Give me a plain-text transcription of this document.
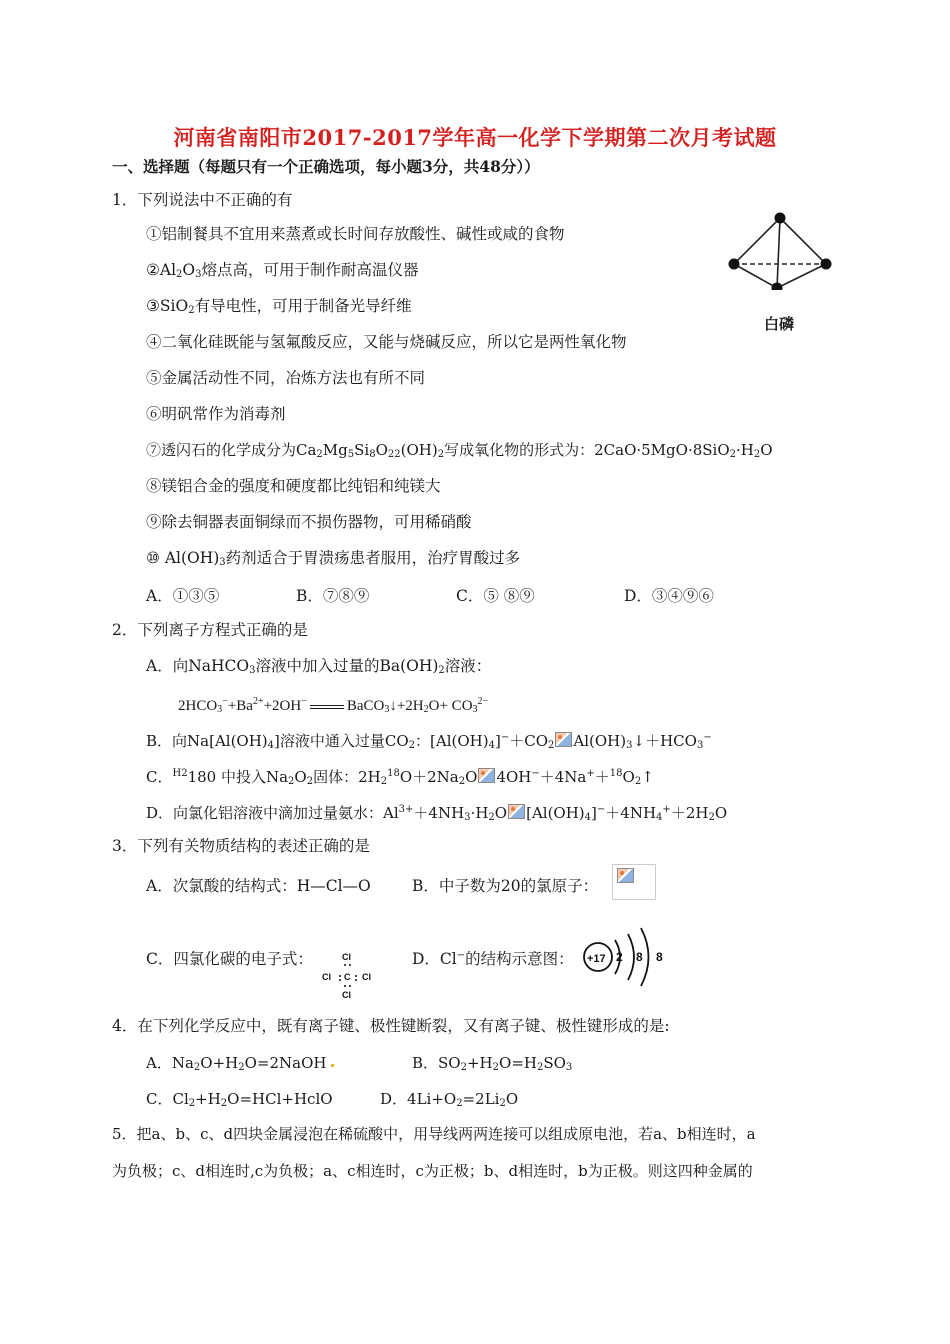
河南省南阳市2017-2017学年高一化学下学期第二次月考试题
一、选择题（每题只有一个正确选项，每小题3分，共48分））
1．下列说法中不正确的有
白磷
①铝制餐具不宜用来蒸煮或长时间存放酸性、碱性或咸的食物
$②Al_2O_3$熔点高，可用于制作耐高温仪器
③SiO$_2$有导电性，可用于制备光导纤维
④二氧化硅既能与氢氟酸反应，又能与烧碱反应，所以它是两性氧化物
⑤金属活动性不同，冶炼方法也有所不同
⑥明矾常作为消毒剂
⑦透闪石的化学成分为$Ca_2Mg_5Si_8O_{22}(OH)_2$写成氧化物的形式为：$2CaO\cdot 5MgO\cdot 8SiO_2\cdot H_2O$
⑧镁铝合金的强度和硬度都比纯铝和纯镁大
⑨除去铜器表面铜绿而不损伤器物，可用稀硝酸
⑩ $Al(OH)_3$药剂适合于胃溃疡患者服用，治疗胃酸过多
A．①③⑤	B．⑦⑧⑨	C．⑤ ⑧⑨	D．③④⑨⑥
2．下列离子方程式正确的是
A．向NaHCO$_3$溶液中加入过量的$Ba(OH)_2$溶液：
$2HCO_3^-+Ba^{2+}+2OH^-$	$BaCO_3↓+2H_2O+ CO_3^{2-}$
B．向$Na[Al(OH)_4]$溶液中通入过量$CO_2$：$[Al(OH)_4]^-+CO_2$ $Al(OH)_3↓+HCO_3^-$
C．$^{H2}$180 中投入$Na_2O_2$固体：$2H_2^{18}O+2Na_2O$ $4OH^-+4Na^++^{18}O_2↑$
D．向氯化铝溶液中滴加过量氨水：$Al^{3+}+4NH_3\cdot H_2O$ $[Al(OH)_4]^-+4NH_4^++2H_2O$
3．下列有关物质结构的表述正确的是
A．次氯酸的结构式：H—Cl—O	B．中子数为20的氯原子：
C．四氯化碳的电子式：	Cl
Cl C Cl
Cl
D．Cl−的结构示意图： +17 2 8 8
4．在下列化学反应中，既有离子键、极性键断裂，又有离子键、极性键形成的是:
A．$Na_2O+H_2O=2NaOH$	B．$SO_2+H_2O=H_2SO_3$
C．$Cl_2+H_2O=HCl+HclO$	D．$4Li+O_2=2Li_2O$
5．把a、b、c、d四块金属浸泡在稀硫酸中，用导线两两连接可以组成原电池，若a、b相连时，a
为负极；c、d相连时,c为负极；a、c相连时，c为正极；b、d相连时，b为正极。则这四种金属的
